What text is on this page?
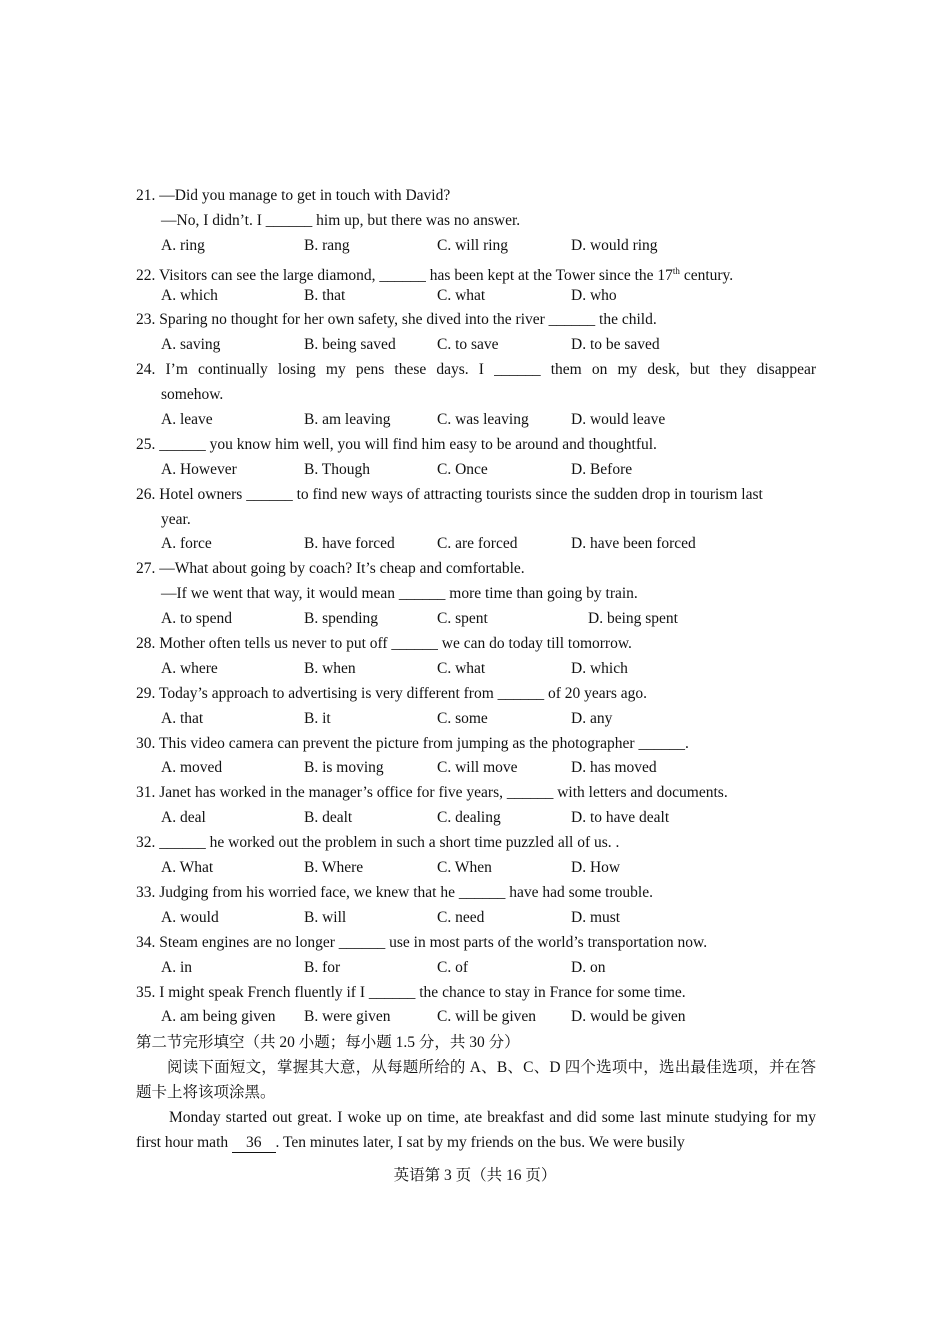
21. —Did you manage to get in touch with David?
—No, I didn’t. I ______ him up, but there was no answer.
A. ring	B. rang	C. will ring	D. would ring
22. Visitors can see the large diamond, ______ has been kept at the Tower since the 17th century.
A. which	B. that	C. what	D. who
23. Sparing no thought for her own safety, she dived into the river ______ the child.
A. saving	B. being saved	C. to save	D. to be saved
24. I’m continually losing my pens these days. I ______ them on my desk, but they disappear
somehow.
A. leave	B. am leaving	C. was leaving	D. would leave
25. ______ you know him well, you will find him easy to be around and thoughtful.
A. However	B. Though	C. Once	D. Before
26. Hotel owners ______ to find new ways of attracting tourists since the sudden drop in tourism last
year.
A. force	B. have forced	C. are forced	D. have been forced
27. —What about going by coach? It’s cheap and comfortable.
—If we went that way, it would mean ______ more time than going by train.
A. to spend	B. spending	C. spent	D. being spent
28. Mother often tells us never to put off ______ we can do today till tomorrow.
A. where	B. when	C. what	D. which
29. Today’s approach to advertising is very different from ______ of 20 years ago.
A. that	B. it	C. some	D. any
30. This video camera can prevent the picture from jumping as the photographer ______.
A. moved	B. is moving	C. will move	D. has moved
31. Janet has worked in the manager’s office for five years, ______ with letters and documents.
A. deal	B. dealt	C. dealing	D. to have dealt
32. ______ he worked out the problem in such a short time puzzled all of us. .
A. What	B. Where	C. When	D. How
33. Judging from his worried face, we knew that he ______ have had some trouble.
A. would	B. will	C. need	D. must
34. Steam engines are no longer ______ use in most parts of the world’s transportation now.
A. in	B. for	C. of	D. on
35. I might speak French fluently if I ______ the chance to stay in France for some time.
A. am being given B. were given	C. will be given D. would be given
第二节完形填空（共 20 小题；每小题 1.5 分，共 30 分）
阅读下面短文，掌握其大意，从每题所给的 A、B、C、D 四个选项中，选出最佳选项，并在答题卡上将该项涂黑。
Monday started out great. I woke up on time, ate breakfast and did some last minute studying for my first hour math 36 . Ten minutes later, I sat by my friends on the bus. We were busily
英语第 3 页（共 16 页）
